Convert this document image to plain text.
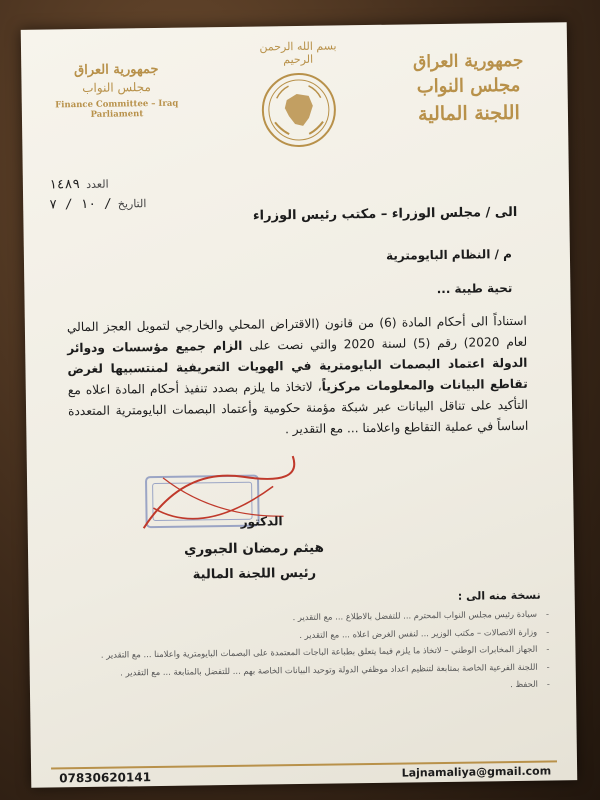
جمهورية العراق
مجلس النواب
اللجنة المالية
بسم الله الرحمن الرحيم
جمهورية العراق
مجلس النواب
Finance Committee – Iraq
Parliament
١٤٨٩ العدد
١٠ / ٧ / التاريخ
الى / مجلس الوزراء – مكتب رئيس الوزراء
م / النظام البايومترية
تحية طيبة ...
استناداً الى أحكام المادة (6) من قانون (الاقتراض المحلي والخارجي لتمويل العجز المالي لعام 2020) رقم (5) لسنة 2020 والتي نصت على الزام جميع مؤسسات ودوائر الدولة اعتماد البصمات البايومترية في الهويات التعريفية لمنتسبيها لغرض تقاطع البيانات والمعلومات مركزياً، لاتخاذ ما يلزم بصدد تنفيذ أحكام المادة اعلاه مع التأكيد على تناقل البيانات عبر شبكة مؤمنة حكومية وأعتماد البصمات البايومترية المتعددة اساساً في عملية التقاطع واعلامنا ... مع التقدير .
الدكتور
هيثم رمضان الجبوري
رئيس اللجنة المالية
نسخة منه الى :
- سيادة رئيس مجلس النواب المحترم ... للتفضل بالاطلاع ... مع التقدير .
- وزارة الاتصالات – مكتب الوزير ... لنفس الغرض اعلاه ... مع التقدير .
- الجهاز المخابرات الوطني – لاتخاذ ما يلزم فيما يتعلق بطباعة الباجات المعتمدة على البصمات البايومترية واعلامنا ... مع التقدير .
- اللجنة الفرعية الخاصة بمتابعة لتنظيم اعداد موظفي الدولة وتوحيد البيانات الخاصة بهم ... للتفضل بالمتابعة ... مع التقدير .
- الحفظ .
07830620141	Lajnamaliya@gmail.com
